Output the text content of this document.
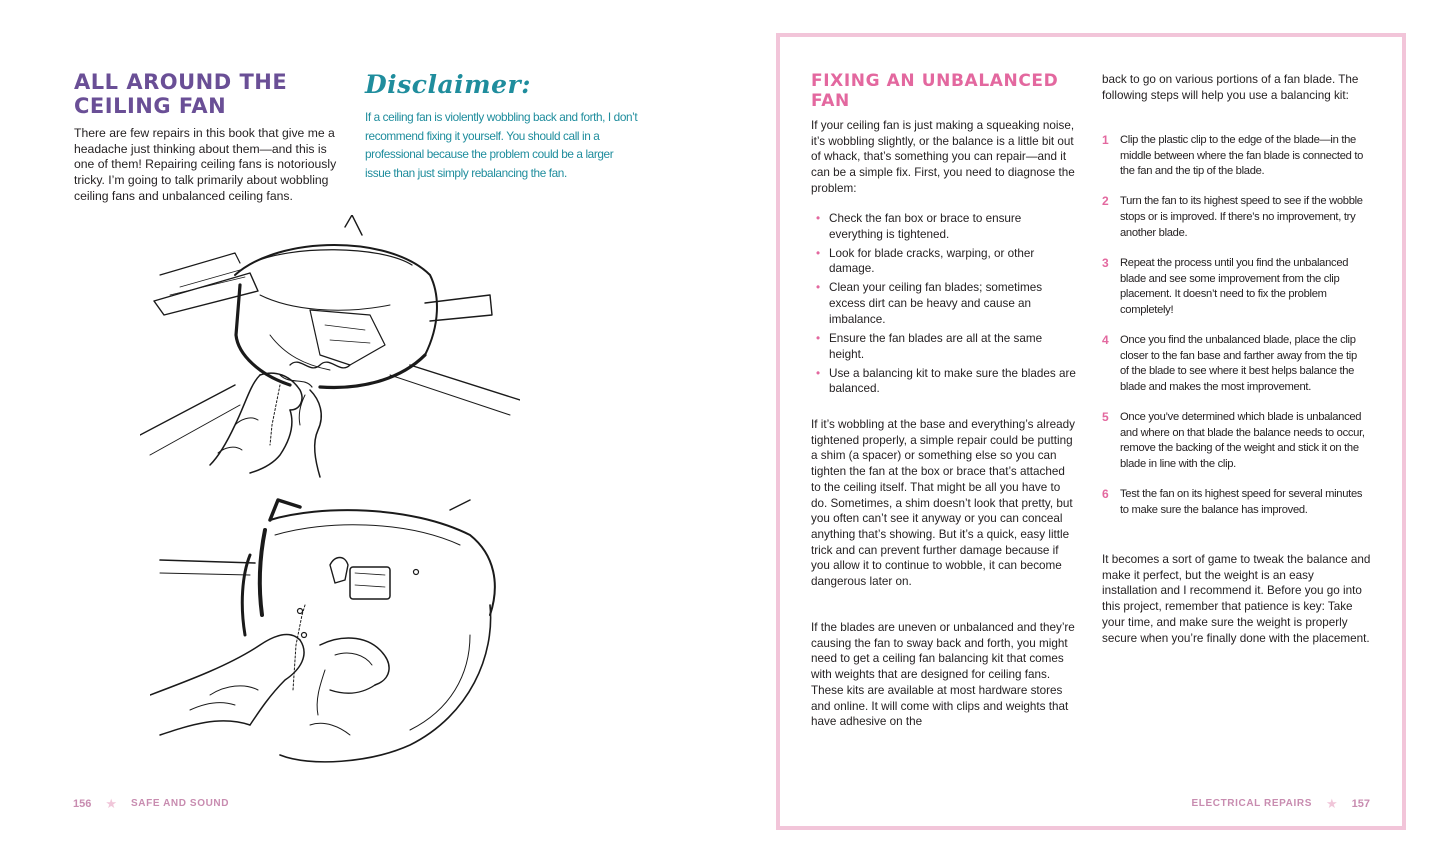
ALL AROUND THE CEILING FAN

There are few repairs in this book that give me a headache just thinking about them—and this is one of them! Repairing ceiling fans is notoriously tricky. I’m going to talk primarily about wobbling ceiling fans and unbalanced ceiling fans.

Disclaimer:

If a ceiling fan is violently wobbling back and forth, I don’t recommend fixing it yourself. You should call in a professional because the problem could be a larger issue than just simply rebalancing the fan.

156 ★ SAFE AND SOUND
FIXING AN UNBALANCED FAN

If your ceiling fan is just making a squeaking noise, it’s wobbling slightly, or the balance is a little bit out of whack, that’s something you can repair—and it can be a simple fix. First, you need to diagnose the problem:

• Check the fan box or brace to ensure everything is tightened.
• Look for blade cracks, warping, or other damage.
• Clean your ceiling fan blades; sometimes excess dirt can be heavy and cause an imbalance.
• Ensure the fan blades are all at the same height.
• Use a balancing kit to make sure the blades are balanced.

If it’s wobbling at the base and everything’s already tightened properly, a simple repair could be putting a shim (a spacer) or something else so you can tighten the fan at the box or brace that’s attached to the ceiling itself. That might be all you have to do. Sometimes, a shim doesn’t look that pretty, but you often can’t see it anyway or you can conceal anything that’s showing. But it’s a quick, easy little trick and can prevent further damage because if you allow it to continue to wobble, it can become dangerous later on.

If the blades are uneven or unbalanced and they’re causing the fan to sway back and forth, you might need to get a ceiling fan balancing kit that comes with weights that are designed for ceiling fans. These kits are available at most hardware stores and online. It will come with clips and weights that have adhesive on the

back to go on various portions of a fan blade. The following steps will help you use a balancing kit:

1 Clip the plastic clip to the edge of the blade—in the middle between where the fan blade is connected to the fan and the tip of the blade.
2 Turn the fan to its highest speed to see if the wobble stops or is improved. If there’s no improvement, try another blade.
3 Repeat the process until you find the unbalanced blade and see some improvement from the clip placement. It doesn’t need to fix the problem completely!
4 Once you find the unbalanced blade, place the clip closer to the fan base and farther away from the tip of the blade to see where it best helps balance the blade and makes the most improvement.
5 Once you’ve determined which blade is unbalanced and where on that blade the balance needs to occur, remove the backing of the weight and stick it on the blade in line with the clip.
6 Test the fan on its highest speed for several minutes to make sure the balance has improved.

It becomes a sort of game to tweak the balance and make it perfect, but the weight is an easy installation and I recommend it. Before you go into this project, remember that patience is key: Take your time, and make sure the weight is properly secure when you’re finally done with the placement.

ELECTRICAL REPAIRS ★ 157
